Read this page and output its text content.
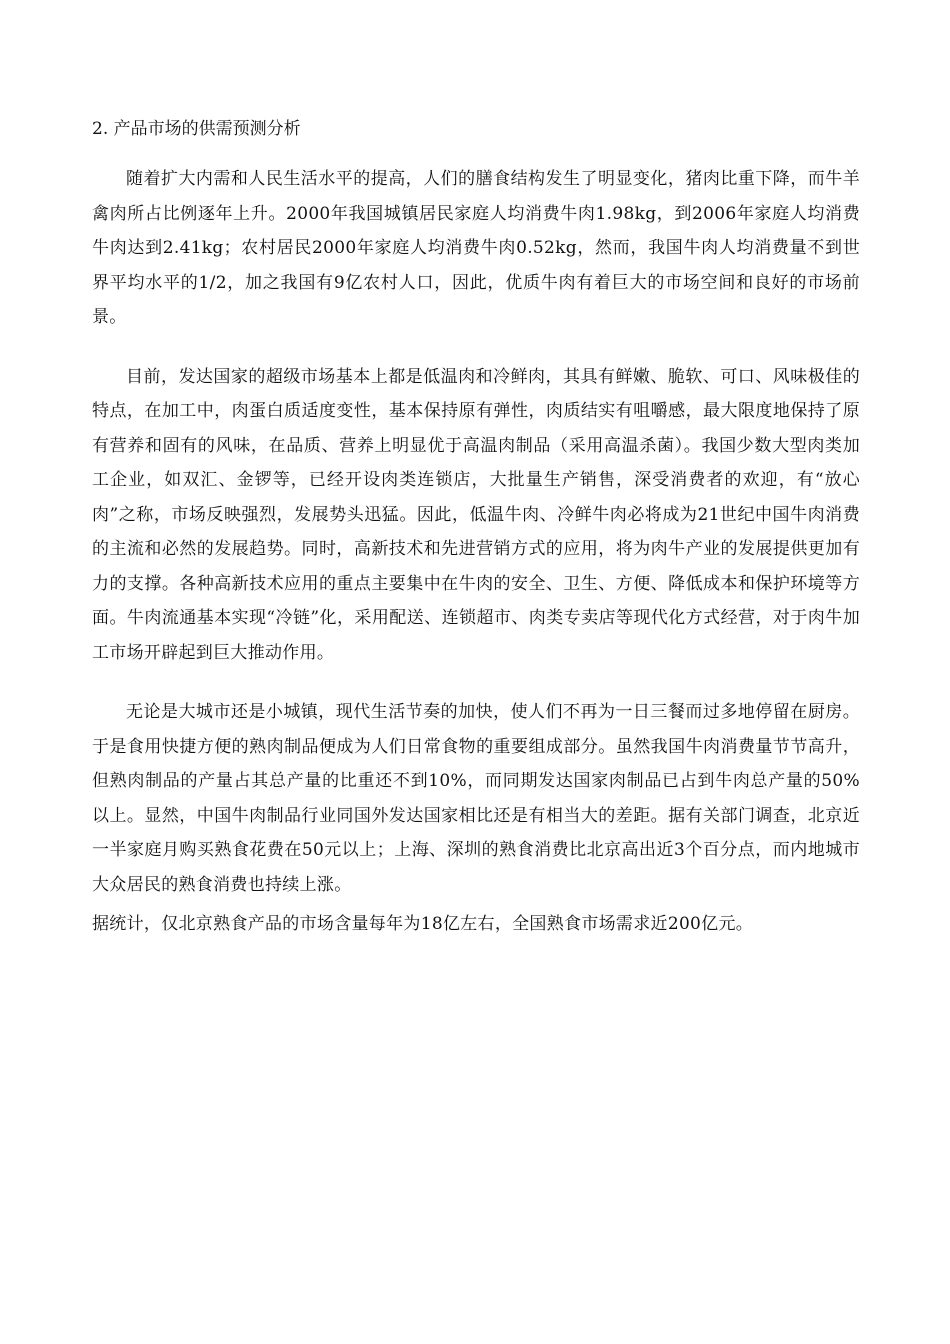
2. 产品市场的供需预测分析

随着扩大内需和人民生活水平的提高，人们的膳食结构发生了明显变化，猪肉比重下降，而牛羊禽肉所占比例逐年上升。2000年我国城镇居民家庭人均消费牛肉1.98kg，到2006年家庭人均消费牛肉达到2.41kg；农村居民2000年家庭人均消费牛肉0.52kg，然而，我国牛肉人均消费量不到世界平均水平的1/2，加之我国有9亿农村人口，因此，优质牛肉有着巨大的市场空间和良好的市场前景。

目前，发达国家的超级市场基本上都是低温肉和冷鲜肉，其具有鲜嫩、脆软、可口、风味极佳的特点，在加工中，肉蛋白质适度变性，基本保持原有弹性，肉质结实有咀嚼感，最大限度地保持了原有营养和固有的风味，在品质、营养上明显优于高温肉制品（采用高温杀菌）。我国少数大型肉类加工企业，如双汇、金锣等，已经开设肉类连锁店，大批量生产销售，深受消费者的欢迎，有“放心肉”之称，市场反映强烈，发展势头迅猛。因此，低温牛肉、冷鲜牛肉必将成为21世纪中国牛肉消费的主流和必然的发展趋势。同时，高新技术和先进营销方式的应用，将为肉牛产业的发展提供更加有力的支撑。各种高新技术应用的重点主要集中在牛肉的安全、卫生、方便、降低成本和保护环境等方面。牛肉流通基本实现“冷链”化，采用配送、连锁超市、肉类专卖店等现代化方式经营，对于肉牛加工市场开辟起到巨大推动作用。

无论是大城市还是小城镇，现代生活节奏的加快，使人们不再为一日三餐而过多地停留在厨房。于是食用快捷方便的熟肉制品便成为人们日常食物的重要组成部分。虽然我国牛肉消费量节节高升，但熟肉制品的产量占其总产量的比重还不到10%，而同期发达国家肉制品已占到牛肉总产量的50%以上。显然，中国牛肉制品行业同国外发达国家相比还是有相当大的差距。据有关部门调查，北京近一半家庭月购买熟食花费在50元以上；上海、深圳的熟食消费比北京高出近3个百分点，而内地城市大众居民的熟食消费也持续上涨。

据统计，仅北京熟食产品的市场含量每年为18亿左右，全国熟食市场需求近200亿元。
